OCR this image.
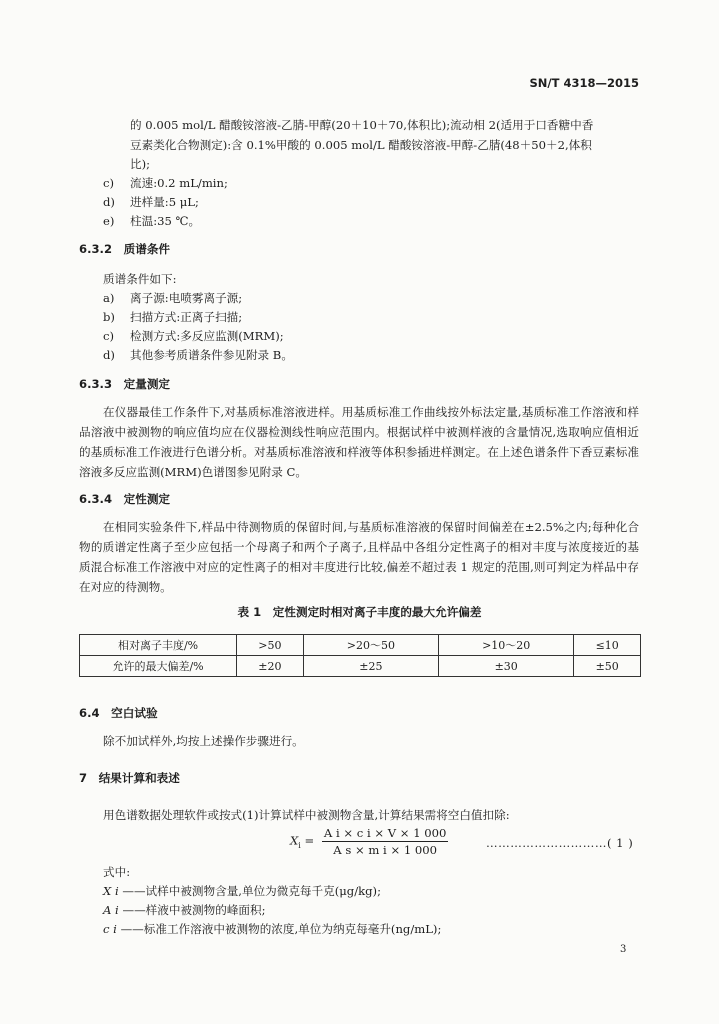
SN/T 4318—2015
的 0.005 mol/L 醋酸铵溶液-乙腈-甲醇(20＋10＋70,体积比);流动相 2(适用于口香糖中香
豆素类化合物测定):含 0.1%甲酸的 0.005 mol/L 醋酸铵溶液-甲醇-乙腈(48＋50＋2,体积
比);
c) 流速:0.2 mL/min;
d) 进样量:5 μL;
e) 柱温:35 ℃。
6.3.2　 质谱条件
质谱条件如下:
a) 离子源:电喷雾离子源;
b) 扫描方式:正离子扫描;
c) 检测方式:多反应监测(MRM);
d) 其他参考质谱条件参见附录 B。
6.3.3　 定量测定
在仪器最佳工作条件下,对基质标准溶液进样。用基质标准工作曲线按外标法定量,基质标准工作溶液和样品溶液中被测物的响应值均应在仪器检测线性响应范围内。根据试样中被测样液的含量情况,选取响应值相近的基质标准工作液进行色谱分析。对基质标准溶液和样液等体积参插进样测定。在上述色谱条件下香豆素标准溶液多反应监测(MRM)色谱图参见附录 C。
6.3.4　 定性测定
在相同实验条件下,样品中待测物质的保留时间,与基质标准溶液的保留时间偏差在±2.5%之内;每种化合物的质谱定性离子至少应包括一个母离子和两个子离子,且样品中各组分定性离子的相对丰度与浓度接近的基质混合标准工作溶液中对应的定性离子的相对丰度进行比较,偏差不超过表 1 规定的范围,则可判定为样品中存在对应的待测物。
表 1　定性测定时相对离子丰度的最大允许偏差
相对离子丰度/%	>50	>20～50	>10～20	≤10
允许的最大偏差/%	±20	±25	±30	±50
6.4　 空白试验
除不加试样外,均按上述操作步骤进行。
7　 结果计算和表述
用色谱数据处理软件或按式(1)计算试样中被测物含量,计算结果需将空白值扣除:
$X_i = \frac{\text{A i × c i × V × 1 000}}{\text{A s × m i × 1 000}}$	…………………………( 1 )
式中:
X i ——试样中被测物含量,单位为微克每千克(μg/kg);
A i ——样液中被测物的峰面积;
c i ——标准工作溶液中被测物的浓度,单位为纳克每毫升(ng/mL);
3
